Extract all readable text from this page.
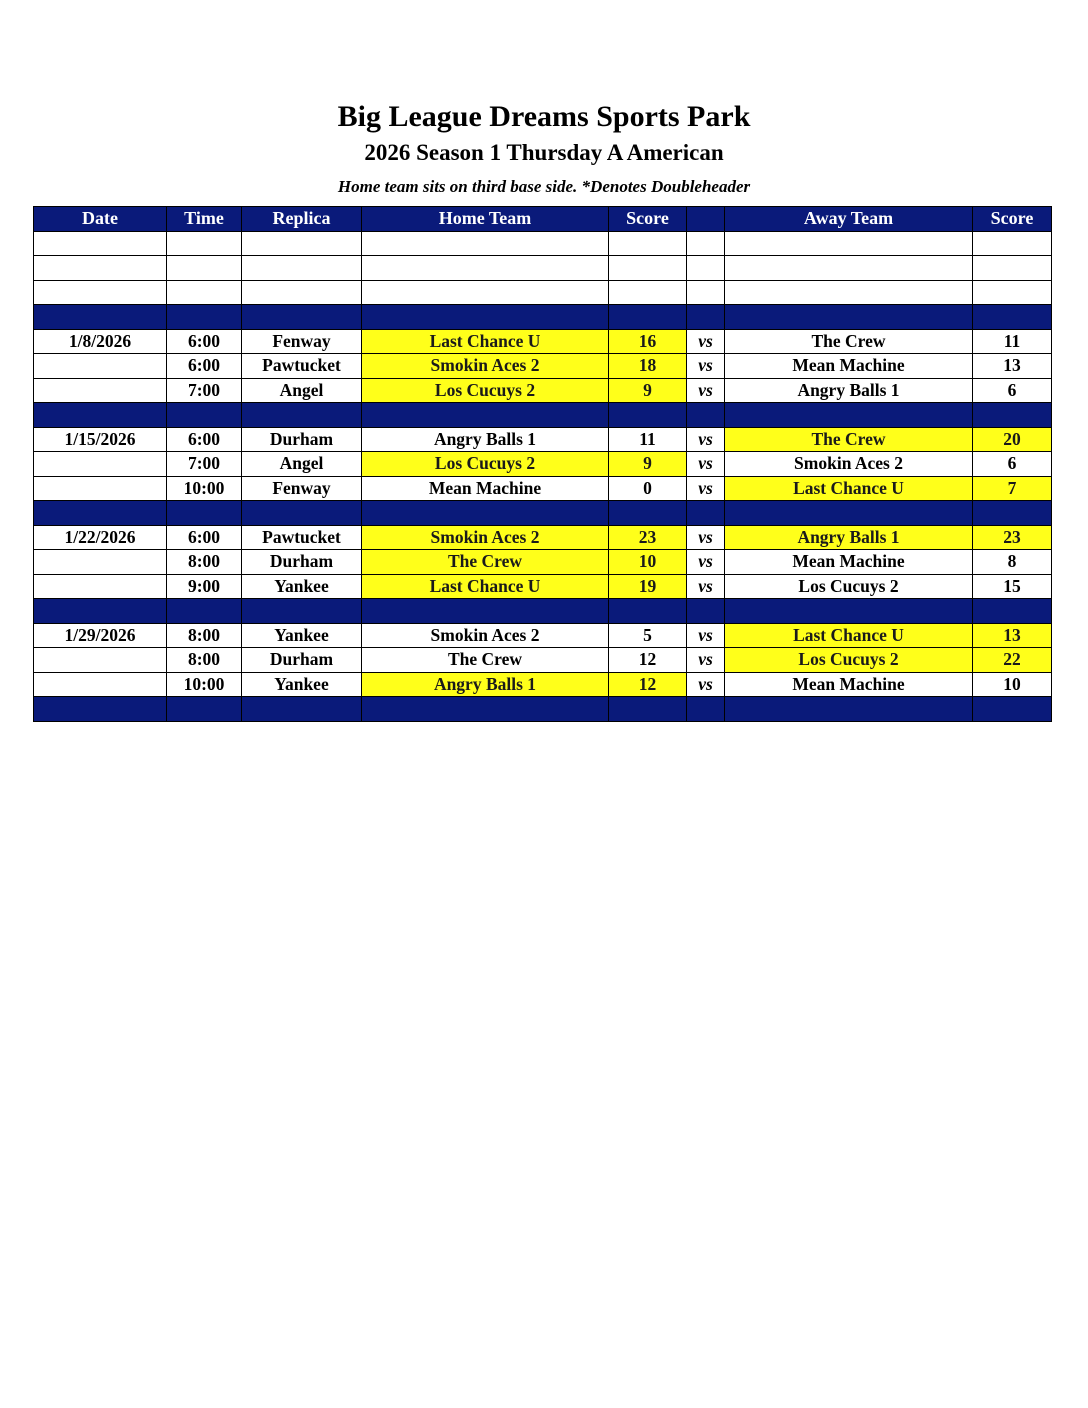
Big League Dreams Sports Park
2026 Season 1 Thursday A American
Home team sits on third base side. *Denotes Doubleheader
Date	Time	Replica	Home Team	Score		Away Team	Score

1/8/2026	6:00	Fenway	Last Chance U	16	vs	The Crew	11
	6:00	Pawtucket	Smokin Aces 2	18	vs	Mean Machine	13
	7:00	Angel	Los Cucuys 2	9	vs	Angry Balls 1	6

1/15/2026	6:00	Durham	Angry Balls 1	11	vs	The Crew	20
	7:00	Angel	Los Cucuys 2	9	vs	Smokin Aces 2	6
	10:00	Fenway	Mean Machine	0	vs	Last Chance U	7

1/22/2026	6:00	Pawtucket	Smokin Aces 2	23	vs	Angry Balls 1	23
	8:00	Durham	The Crew	10	vs	Mean Machine	8
	9:00	Yankee	Last Chance U	19	vs	Los Cucuys 2	15

1/29/2026	8:00	Yankee	Smokin Aces 2	5	vs	Last Chance U	13
	8:00	Durham	The Crew	12	vs	Los Cucuys 2	22
	10:00	Yankee	Angry Balls 1	12	vs	Mean Machine	10
